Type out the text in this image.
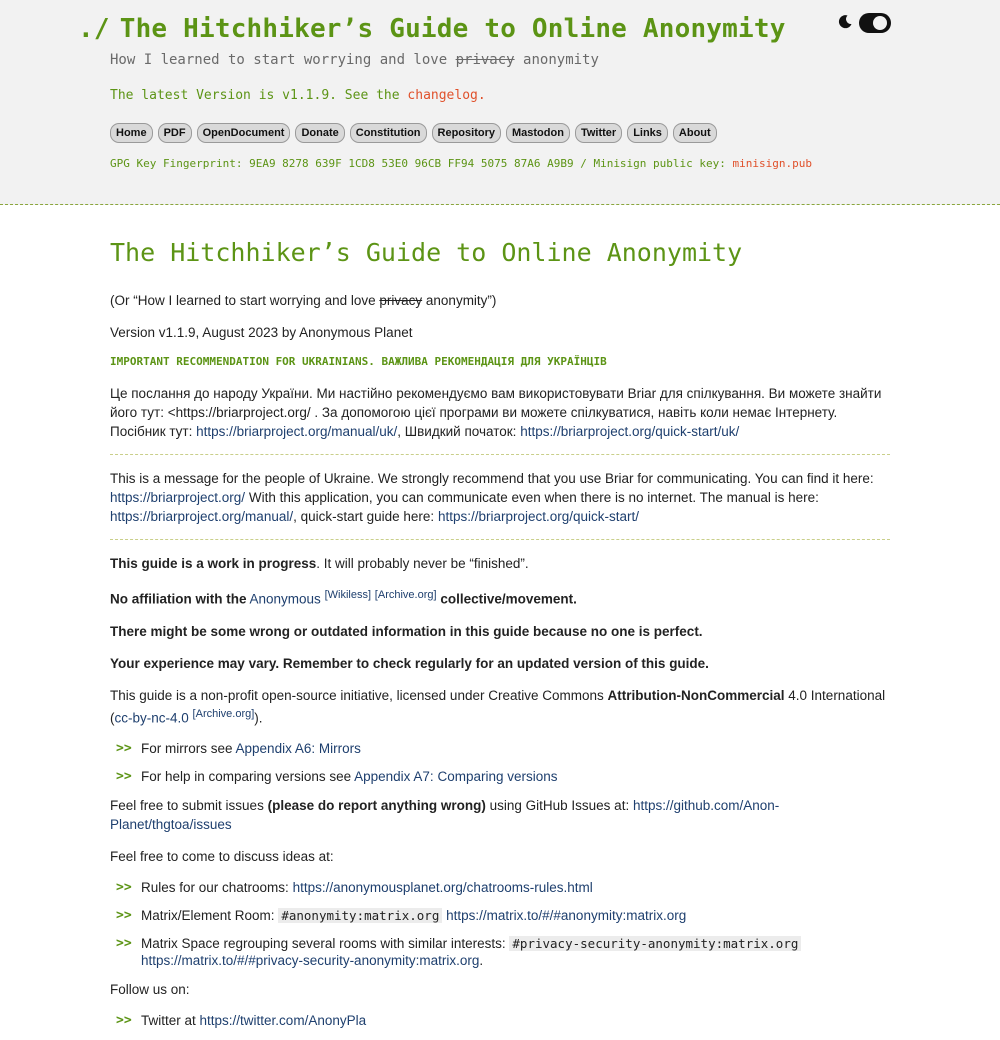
./ The Hitchhiker’s Guide to Online Anonymity
How I learned to start worrying and love privacy anonymity
The latest Version is v1.1.9. See the changelog.
Home	PDF	OpenDocument	Donate	Constitution	Repository	Mastodon	Twitter	Links	About
GPG Key Fingerprint: 9EA9 8278 639F 1CD8 53E0 96CB FF94 5075 87A6 A9B9 / Minisign public key: minisign.pub
The Hitchhiker’s Guide to Online Anonymity

(Or “How I learned to start worrying and love privacy anonymity”)

Version v1.1.9, August 2023 by Anonymous Planet

IMPORTANT RECOMMENDATION FOR UKRAINIANS. ВАЖЛИВА РЕКОМЕНДАЦІЯ ДЛЯ УКРАЇНЦІВ

Це послання до народу України. Ми настійно рекомендуємо вам використовувати Briar для спілкування. Ви можете знайти його тут: <https://briarproject.org/ . За допомогою цієї програми ви можете спілкуватися, навіть коли немає Інтернету. Посібник тут: https://briarproject.org/manual/uk/, Швидкий початок: https://briarproject.org/quick-start/uk/

This is a message for the people of Ukraine. We strongly recommend that you use Briar for communicating. You can find it here: https://briarproject.org/ With this application, you can communicate even when there is no internet. The manual is here: https://briarproject.org/manual/, quick-start guide here: https://briarproject.org/quick-start/

This guide is a work in progress. It will probably never be “finished”.

No affiliation with the Anonymous [Wikiless] [Archive.org] collective/movement.

There might be some wrong or outdated information in this guide because no one is perfect.

Your experience may vary. Remember to check regularly for an updated version of this guide.

This guide is a non-profit open-source initiative, licensed under Creative Commons Attribution-NonCommercial 4.0 International (cc-by-nc-4.0 [Archive.org]).

>> For mirrors see Appendix A6: Mirrors
>> For help in comparing versions see Appendix A7: Comparing versions

Feel free to submit issues (please do report anything wrong) using GitHub Issues at: https://github.com/Anon-Planet/thgtoa/issues

Feel free to come to discuss ideas at:

>> Rules for our chatrooms: https://anonymousplanet.org/chatrooms-rules.html
>> Matrix/Element Room: #anonymity:matrix.org https://matrix.to/#/#anonymity:matrix.org
>> Matrix Space regrouping several rooms with similar interests: #privacy-security-anonymity:matrix.org https://matrix.to/#/#privacy-security-anonymity:matrix.org.

Follow us on:

>> Twitter at https://twitter.com/AnonyPla
